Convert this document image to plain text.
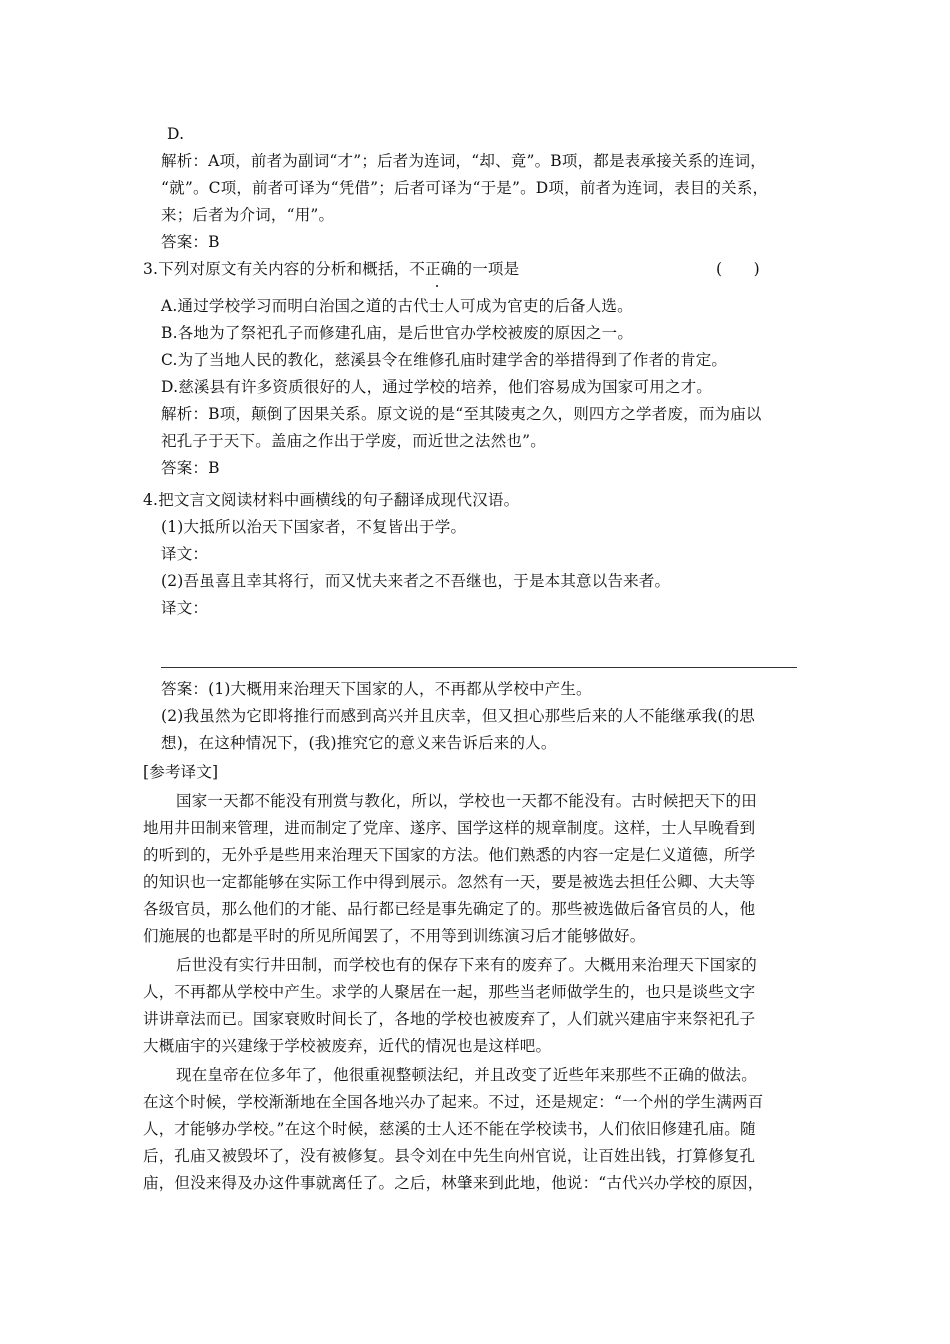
D.
解析：A项，前者为副词“才”；后者为连词，“却、竟”。B项，都是表承接关系的连词，
“就”。C项，前者可译为“凭借”；后者可译为“于是”。D项，前者为连词，表目的关系，
来；后者为介词，“用”。
答案：B
3.下列对原文有关内容的分析和概括，不正确的一项是	(　　)
A.通过学校学习而明白治国之道的古代士人可成为官吏的后备人选。
B.各地为了祭祀孔子而修建孔庙，是后世官办学校被废的原因之一。
C.为了当地人民的教化，慈溪县令在维修孔庙时建学舍的举措得到了作者的肯定。
D.慈溪县有许多资质很好的人，通过学校的培养，他们容易成为国家可用之才。
解析：B项，颠倒了因果关系。原文说的是“至其陵夷之久，则四方之学者废，而为庙以
祀孔子于天下。盖庙之作出于学废，而近世之法然也”。
答案：B
4.把文言文阅读材料中画横线的句子翻译成现代汉语。
(1)大抵所以治天下国家者，不复皆出于学。
译文：
(2)吾虽喜且幸其将行，而又忧夫来者之不吾继也，于是本其意以告来者。
译文：
答案：(1)大概用来治理天下国家的人，不再都从学校中产生。
(2)我虽然为它即将推行而感到高兴并且庆幸，但又担心那些后来的人不能继承我(的思
想)，在这种情况下，(我)推究它的意义来告诉后来的人。
[参考译文]
国家一天都不能没有刑赏与教化，所以，学校也一天都不能没有。古时候把天下的田
地用井田制来管理，进而制定了党庠、遂序、国学这样的规章制度。这样，士人早晚看到
的听到的，无外乎是些用来治理天下国家的方法。他们熟悉的内容一定是仁义道德，所学
的知识也一定都能够在实际工作中得到展示。忽然有一天，要是被选去担任公卿、大夫等
各级官员，那么他们的才能、品行都已经是事先确定了的。那些被选做后备官员的人，他
们施展的也都是平时的所见所闻罢了，不用等到训练演习后才能够做好。
后世没有实行井田制，而学校也有的保存下来有的废弃了。大概用来治理天下国家的
人，不再都从学校中产生。求学的人聚居在一起，那些当老师做学生的，也只是谈些文字
讲讲章法而已。国家衰败时间长了，各地的学校也被废弃了，人们就兴建庙宇来祭祀孔子
大概庙宇的兴建缘于学校被废弃，近代的情况也是这样吧。
现在皇帝在位多年了，他很重视整顿法纪，并且改变了近些年来那些不正确的做法。
在这个时候，学校渐渐地在全国各地兴办了起来。不过，还是规定：“一个州的学生满两百
人，才能够办学校。”在这个时候，慈溪的士人还不能在学校读书，人们依旧修建孔庙。随
后，孔庙又被毁坏了，没有被修复。县令刘在中先生向州官说，让百姓出钱，打算修复孔
庙，但没来得及办这件事就离任了。之后，林肇来到此地，他说：“古代兴办学校的原因，
